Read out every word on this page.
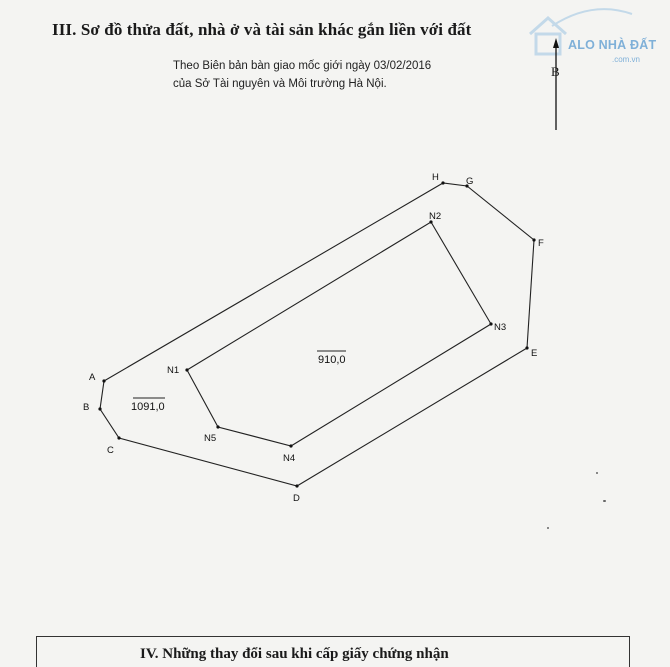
III. Sơ đồ thửa đất, nhà ở và tài sản khác gắn liền với đất
Theo Biên bản bàn giao mốc giới ngày 03/02/2016
của Sở Tài nguyên và Môi trường Hà Nội.
ALO NHÀ ĐẤT
.com.vn
B
A
B
C
D
E
F
G
H
N1
N2
N3
N4
N5
1091,0
910,0
IV. Những thay đổi sau khi cấp giấy chứng nhận
